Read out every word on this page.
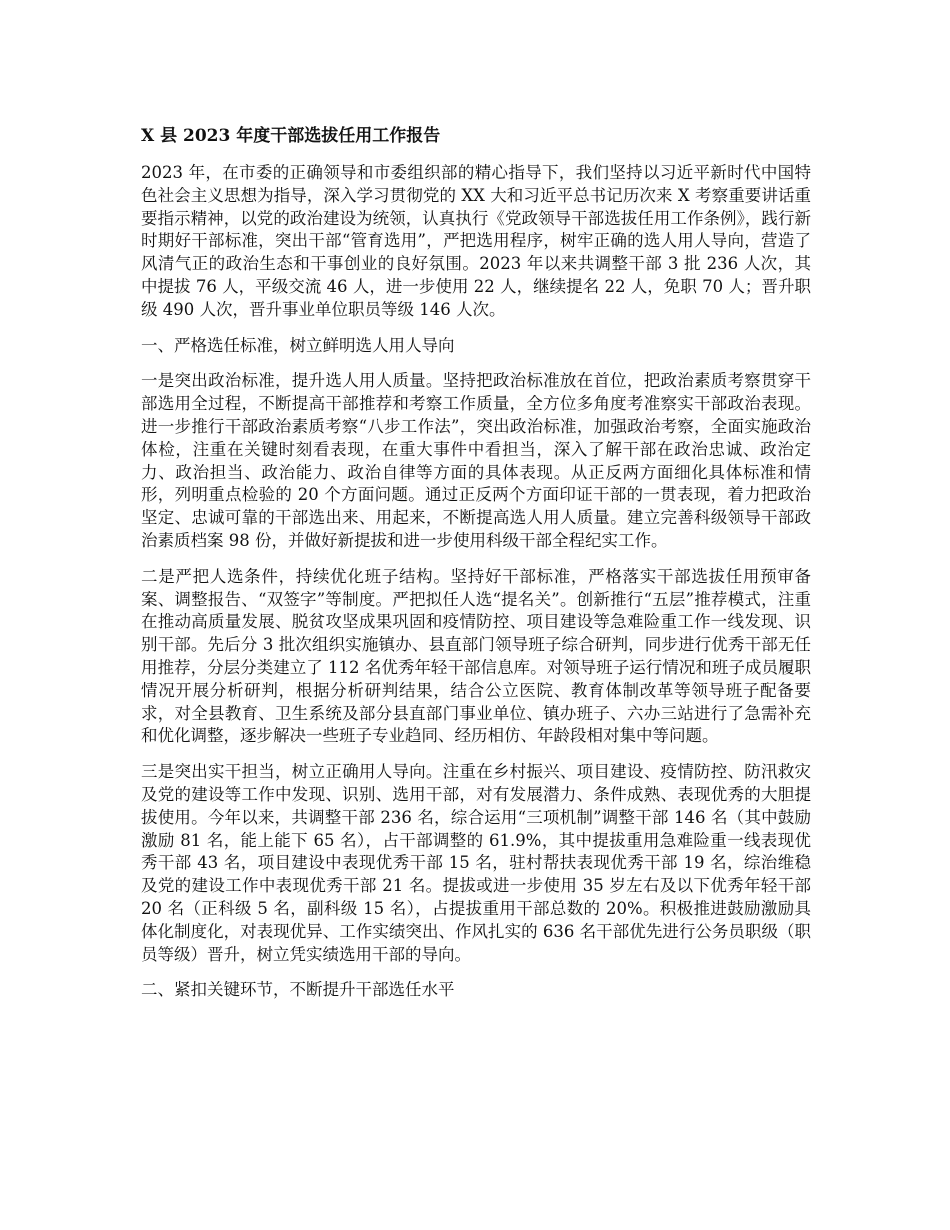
X 县 2023 年度干部选拔任用工作报告

2023 年，在市委的正确领导和市委组织部的精心指导下，我们坚持以习近平新时代中国特色社会主义思想为指导，深入学习贯彻党的 XX 大和习近平总书记历次来 X 考察重要讲话重要指示精神，以党的政治建设为统领，认真执行《党政领导干部选拔任用工作条例》，践行新时期好干部标准，突出干部“管育选用”，严把选用程序，树牢正确的选人用人导向，营造了风清气正的政治生态和干事创业的良好氛围。2023 年以来共调整干部 3 批 236 人次，其中提拔 76 人，平级交流 46 人，进一步使用 22 人，继续提名 22 人，免职 70 人；晋升职级 490 人次，晋升事业单位职员等级 146 人次。

一、严格选任标准，树立鲜明选人用人导向

一是突出政治标准，提升选人用人质量。坚持把政治标准放在首位，把政治素质考察贯穿干部选用全过程，不断提高干部推荐和考察工作质量，全方位多角度考准察实干部政治表现。进一步推行干部政治素质考察“八步工作法”，突出政治标准，加强政治考察，全面实施政治体检，注重在关键时刻看表现，在重大事件中看担当，深入了解干部在政治忠诚、政治定力、政治担当、政治能力、政治自律等方面的具体表现。从正反两方面细化具体标准和情形，列明重点检验的 20 个方面问题。通过正反两个方面印证干部的一贯表现，着力把政治坚定、忠诚可靠的干部选出来、用起来，不断提高选人用人质量。建立完善科级领导干部政治素质档案 98 份，并做好新提拔和进一步使用科级干部全程纪实工作。

二是严把人选条件，持续优化班子结构。坚持好干部标准，严格落实干部选拔任用预审备案、调整报告、“双签字”等制度。严把拟任人选“提名关”。创新推行“五层”推荐模式，注重在推动高质量发展、脱贫攻坚成果巩固和疫情防控、项目建设等急难险重工作一线发现、识别干部。先后分 3 批次组织实施镇办、县直部门领导班子综合研判，同步进行优秀干部无任用推荐，分层分类建立了 112 名优秀年轻干部信息库。对领导班子运行情况和班子成员履职情况开展分析研判，根据分析研判结果，结合公立医院、教育体制改革等领导班子配备要求，对全县教育、卫生系统及部分县直部门事业单位、镇办班子、六办三站进行了急需补充和优化调整，逐步解决一些班子专业趋同、经历相仿、年龄段相对集中等问题。

三是突出实干担当，树立正确用人导向。注重在乡村振兴、项目建设、疫情防控、防汛救灾及党的建设等工作中发现、识别、选用干部，对有发展潜力、条件成熟、表现优秀的大胆提拔使用。今年以来，共调整干部 236 名，综合运用“三项机制”调整干部 146 名（其中鼓励激励 81 名，能上能下 65 名），占干部调整的 61.9%，其中提拔重用急难险重一线表现优秀干部 43 名，项目建设中表现优秀干部 15 名，驻村帮扶表现优秀干部 19 名，综治维稳及党的建设工作中表现优秀干部 21 名。提拔或进一步使用 35 岁左右及以下优秀年轻干部 20 名（正科级 5 名，副科级 15 名），占提拔重用干部总数的 20%。积极推进鼓励激励具体化制度化，对表现优异、工作实绩突出、作风扎实的 636 名干部优先进行公务员职级（职员等级）晋升，树立凭实绩选用干部的导向。

二、紧扣关键环节，不断提升干部选任水平
